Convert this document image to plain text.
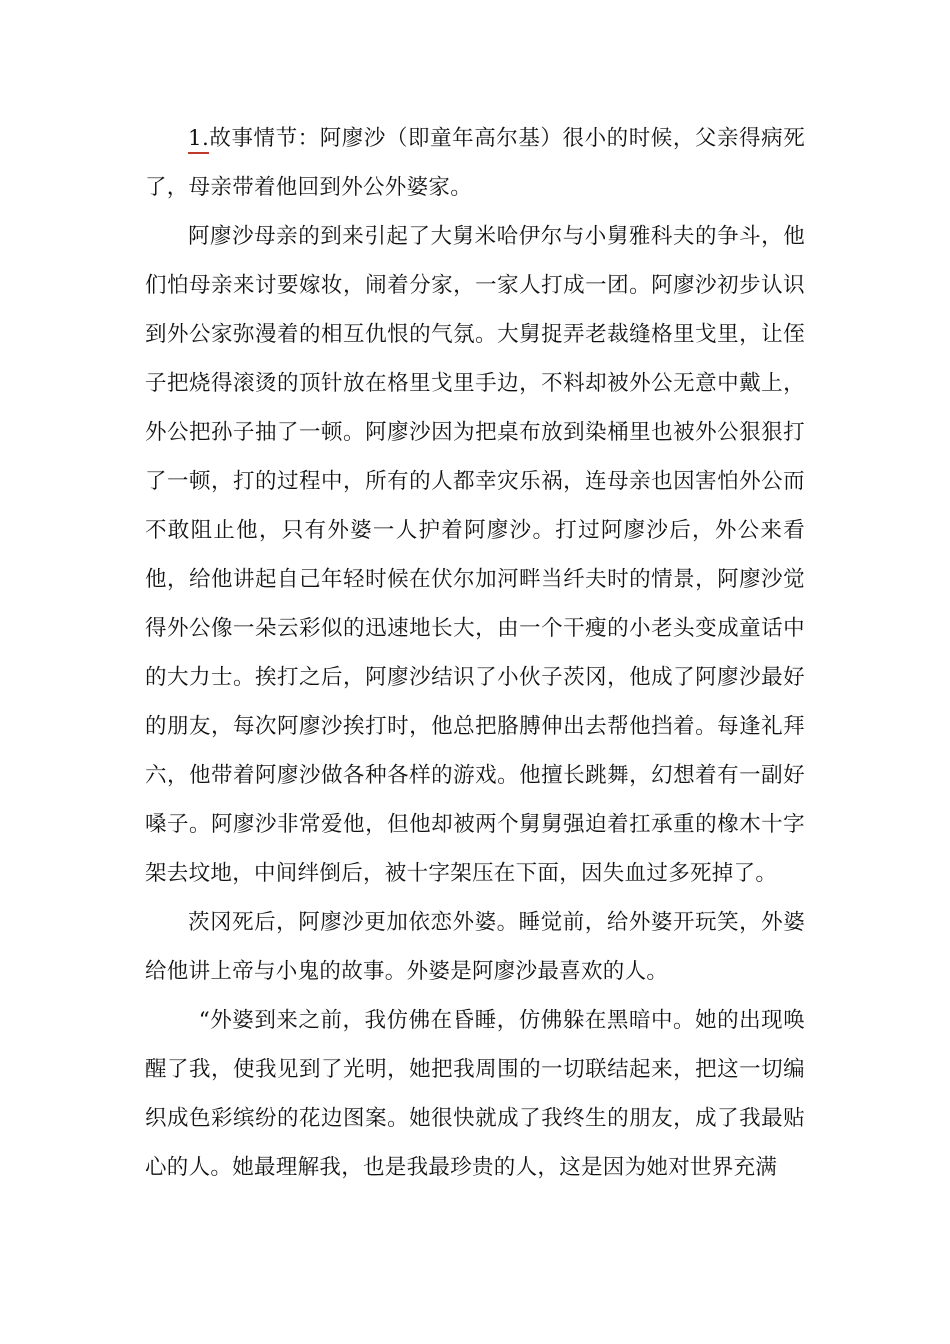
1.故事情节：阿廖沙（即童年高尔基）很小的时候，父亲得病死了，母亲带着他回到外公外婆家。

阿廖沙母亲的到来引起了大舅米哈伊尔与小舅雅科夫的争斗，他们怕母亲来讨要嫁妆，闹着分家，一家人打成一团。阿廖沙初步认识到外公家弥漫着的相互仇恨的气氛。大舅捉弄老裁缝格里戈里，让侄子把烧得滚烫的顶针放在格里戈里手边，不料却被外公无意中戴上，外公把孙子抽了一顿。阿廖沙因为把桌布放到染桶里也被外公狠狠打了一顿，打的过程中，所有的人都幸灾乐祸，连母亲也因害怕外公而不敢阻止他，只有外婆一人护着阿廖沙。打过阿廖沙后，外公来看他，给他讲起自己年轻时候在伏尔加河畔当纤夫时的情景，阿廖沙觉得外公像一朵云彩似的迅速地长大，由一个干瘦的小老头变成童话中的大力士。挨打之后，阿廖沙结识了小伙子茨冈，他成了阿廖沙最好的朋友，每次阿廖沙挨打时，他总把胳膊伸出去帮他挡着。每逢礼拜六，他带着阿廖沙做各种各样的游戏。他擅长跳舞，幻想着有一副好嗓子。阿廖沙非常爱他，但他却被两个舅舅强迫着扛承重的橡木十字架去坟地，中间绊倒后，被十字架压在下面，因失血过多死掉了。

茨冈死后，阿廖沙更加依恋外婆。睡觉前，给外婆开玩笑，外婆给他讲上帝与小鬼的故事。外婆是阿廖沙最喜欢的人。

“外婆到来之前，我仿佛在昏睡，仿佛躲在黑暗中。她的出现唤醒了我，使我见到了光明，她把我周围的一切联结起来，把这一切编织成色彩缤纷的花边图案。她很快就成了我终生的朋友，成了我最贴心的人。她最理解我，也是我最珍贵的人，这是因为她对世界充满
